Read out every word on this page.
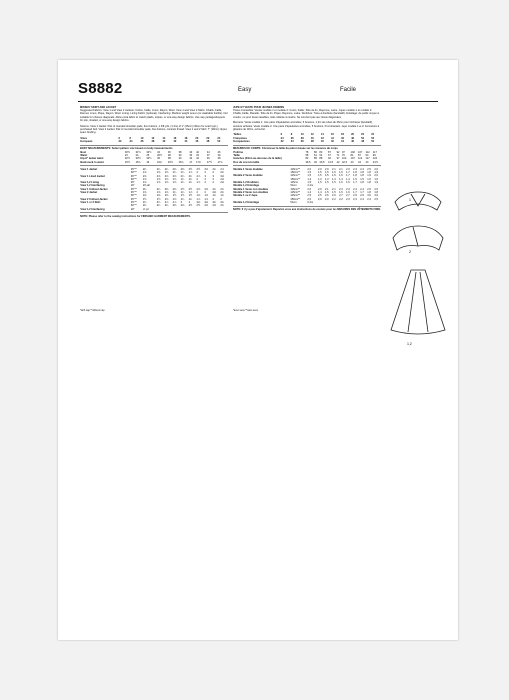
S8882	Easy	Facile
MISSES' SKIRT AND JACKET

Suggested Fabrics: View 1 and View 2 Jackets: Cotton, Faille, Linen, Rayon, Wool. View 1 and View 2 Skirts: Challis, Faille, Flannel, Linen, Pique, Rayon, Wool. Lining: Lining Fabric (optional). Interfacing: Medium weight sew-in (or washable fusible). Not suitable for obvious diagonals. Allow extra fabric to match plaids, stripes, or one-way design fabrics. Use nap yardages/layouts for pile, shaded, or one-way design fabrics.

Notions: View 1 Jacket: Pair of rounded shoulder pads, five buttons, 1 3/8 yds. (1.3m) of 1" (25cm) ribbon for scarf (opt.), purchased belt. View 2 Jacket: Pair of rounded shoulder pads, five buttons, contrast thread. View 1 and 2 Skirt: 7" (18cm) zipper, seam binding.

Sizes	6	8	10	12	14	16	18	20	22	24
European	32	34	36	38	40	42	44	46	48	50
BODY MEASUREMENTS: Select pattern size based on body measurements
Bust	30½	31½	32½	34	36	38	40	42	44	46
Waist	23	24	25	26½	28	30	32	34	37	39
Hip-9" below waist	32½	33½	34½	36	38	40	42	44	46	48
Back-neck to waist	15½	15¾	16	16¼	16½	16¾	17	17¼	17½	17¾
View 1 Jacket	45"**	2¼	2¼	2¼	2⅜	2⅜	2½	2½	2⅝	2¾	2⅞
	60"**	1⅝	1⅝	1⅝	1¾	1¾	1⅞	2	2	2	2¼
View 1 Lined Jacket	45"**	2⅝	2⅝	2⅝	2⅝	2¾	2¾	2⅞	3	3	3⅛
	60"**	1⅝	1⅝	1⅝	1⅝	1¾	1¾	2	2	2	2⅛
View 1,2 Lining	45"	1⅝	1⅝	1⅝	1⅝	1¾	1¾	1⅞	2	2	2⅛
View 1,2 Interfacing	20"	2⅜ all									
View 1 Unlined Jacket	45"**	2¼	2¼	2⅜	2⅜	2½	2½	2⅝	2⅝	2¾	2¾
View 2 Jacket	45"**	1⅝	1⅝	1⅝	1¾	1¾	1⅞	2	2	2⅛	2¼
	60"**	1⅜	1⅜	1⅜	1½	1½	1½	1⅝	1⅝	1¾	1¾
View 2 Unlined Jacket	45"**	1½	1½	1⅝	1⅝	1¾	1¾	1⅞	1⅞	2	2
View 1 or 2 Skirt	45"**	2¾	2¾	2⅞	2⅞	3	3	3⅛	3⅛	3¼	3¼
	60"**	2¼	2¼	2¼	2⅜	2⅜	2½	2½	2⅝	2⅝	2¾
View 1,2 Interfacing	20"	⅛ yd									

NOTE: Please refer to the sewing instructions for FINISHED GARMENT MEASUREMENTS.

JUPE ET VESTE POUR JEUNES FEMMES

Tissus Conseillés: Vestes modèle 1 et modèle 2: Coton, Faille, Toile de lin, Rayonne, Laine. Jupes modèle 1 et modèle 2: Challis, Faille, Flanelle, Toile de lin, Piqué, Rayonne, Laine. Doublure: Tissu à doublure (facultatif). Entoilage: de poids moyen à coudre, ou pour tissus lavables, toile collante à coudre. Ne convient pas aux tissus diagonales.

Mercerie: Veste modèle 1: Une paire d'épaulettes arrondies, 5 boutons, 1,3m de ruban de 25cm pour l'écharpe (facultatif), ceinture achetée. Veste modèle 2: Une paire d'épaulettes arrondies, 5 boutons, fil contrastant. Jupe modèle 1 et 2: Fermeture à glissière de 18cm, extra-fort.

Tailles	6	8	10	12	14	16	18	20	22	24
Françaises	34	36	38	40	42	44	46	48	50	52
Européennes	32	34	36	38	40	42	44	46	48	50
MESURES DU CORPS: Choisissez la taille du patron basée sur les mesures du corps
Poitrine	78	80	83	87	92	97	102	107	112	117
Taille	58	61	64	67	71	76	81	87	94	99
Hanches (23cm au-dessous de la taille)	83	85	88	92	97	102	107	112	117	122
Dos du cou à la taille	39,5	40	40,5	41,5	42	42,5	43	44	44	44,5
Modèle 1 Veste doublée	115cm**	2,0	2,0	2,0	2,1	2,1	2,3	2,3	2,4	2,5	2,6
	150cm**	1,5	1,5	1,5	1,6	1,6	1,7	1,8	1,8	1,8	1,9
Modèle 2 Veste doublée	115cm**	1,5	1,5	1,5	1,6	1,6	1,7	1,8	1,8	1,9	2,0
	150cm**	1,3	1,3	1,3	1,4	1,4	1,4	1,5	1,5	1,6	1,6
Modèle 1,2 Doublure	115cm	1,5	1,5	1,5	1,5	1,6	1,6	1,7	1,8	1,8	1,9
Modèle 1,2 Entoilage	51cm	2,2m									
Modèle 1 Veste non doublée	115cm**	2,0	2,0	2,1	2,1	2,3	2,3	2,4	2,4	2,5	2,5
Modèle 2 Veste non doublée	115cm**	1,4	1,4	1,5	1,5	1,6	1,6	1,7	1,7	1,8	1,8
Modèle 1 ou 2 Jupe	115cm**	2,5	2,5	2,6	2,6	2,7	2,7	2,9	2,9	3,0	3,0
	150cm**	2,0	2,0	2,0	2,2	2,2	2,3	2,3	2,4	2,4	2,5
Modèle 1,2 Entoilage	51cm	0,2m									

NOTE: Il n'y a pas d'ajustement. Reportez-vous aux instructions de couture pour les MESURES DES VÊTEMENTS FINIS.

*with nap **without nap	*avec sens **sans sens
1
2
1,2
